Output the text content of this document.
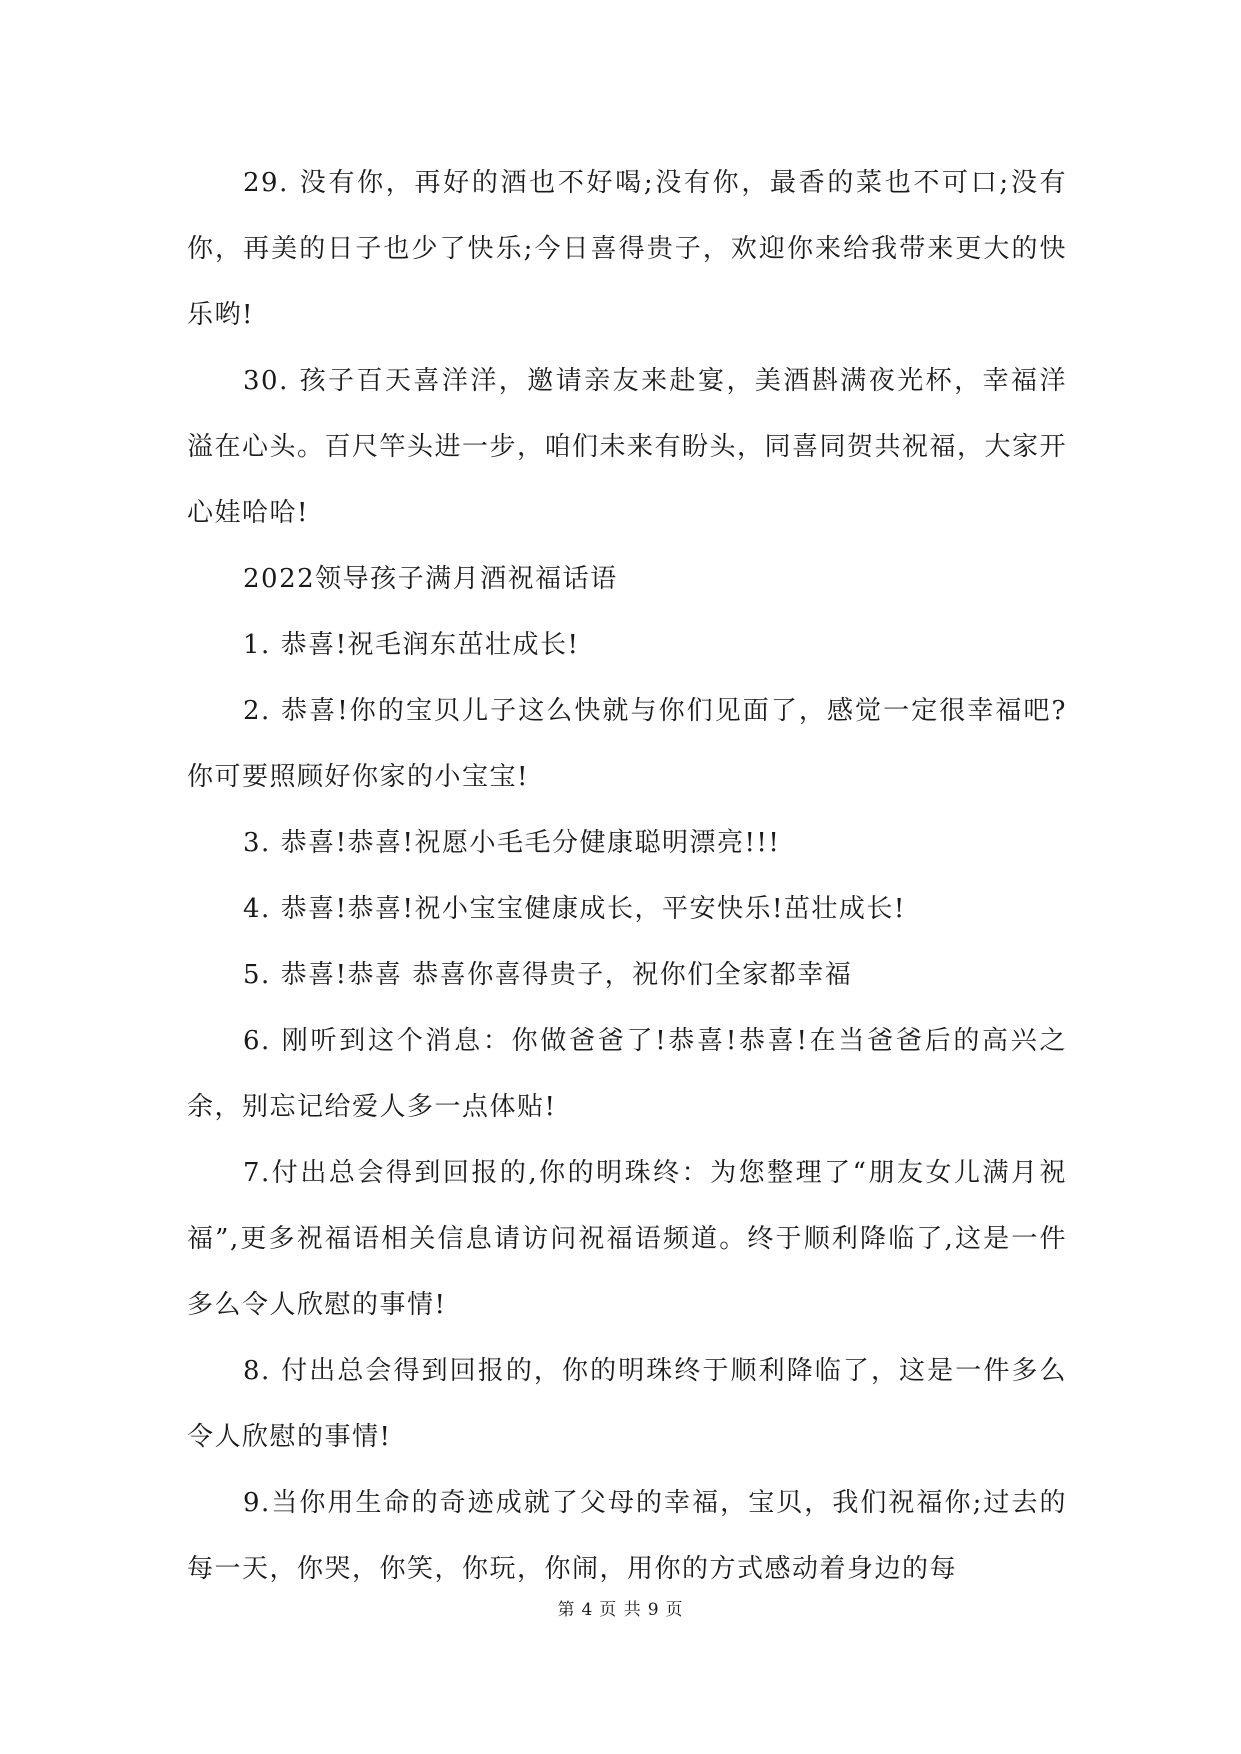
29. 没有你，再好的酒也不好喝;没有你，最香的菜也不可口;没有你，再美的日子也少了快乐;今日喜得贵子，欢迎你来给我带来更大的快乐哟!

30. 孩子百天喜洋洋，邀请亲友来赴宴，美酒斟满夜光杯，幸福洋溢在心头。百尺竿头进一步，咱们未来有盼头，同喜同贺共祝福，大家开心娃哈哈!

2022领导孩子满月酒祝福话语

1. 恭喜!祝毛润东茁壮成长!

2. 恭喜!你的宝贝儿子这么快就与你们见面了，感觉一定很幸福吧?你可要照顾好你家的小宝宝!

3. 恭喜!恭喜!祝愿小毛毛分健康聪明漂亮!!!

4. 恭喜!恭喜!祝小宝宝健康成长，平安快乐!茁壮成长!

5. 恭喜!恭喜 恭喜你喜得贵子，祝你们全家都幸福

6. 刚听到这个消息：你做爸爸了!恭喜!恭喜!在当爸爸后的高兴之余，别忘记给爱人多一点体贴!

7.付出总会得到回报的,你的明珠终：为您整理了“朋友女儿满月祝福”,更多祝福语相关信息请访问祝福语频道。终于顺利降临了,这是一件多么令人欣慰的事情!

8. 付出总会得到回报的，你的明珠终于顺利降临了，这是一件多么令人欣慰的事情!

9.当你用生命的奇迹成就了父母的幸福，宝贝，我们祝福你;过去的每一天，你哭，你笑，你玩，你闹，用你的方式感动着身边的每

第 4 页 共 9 页
